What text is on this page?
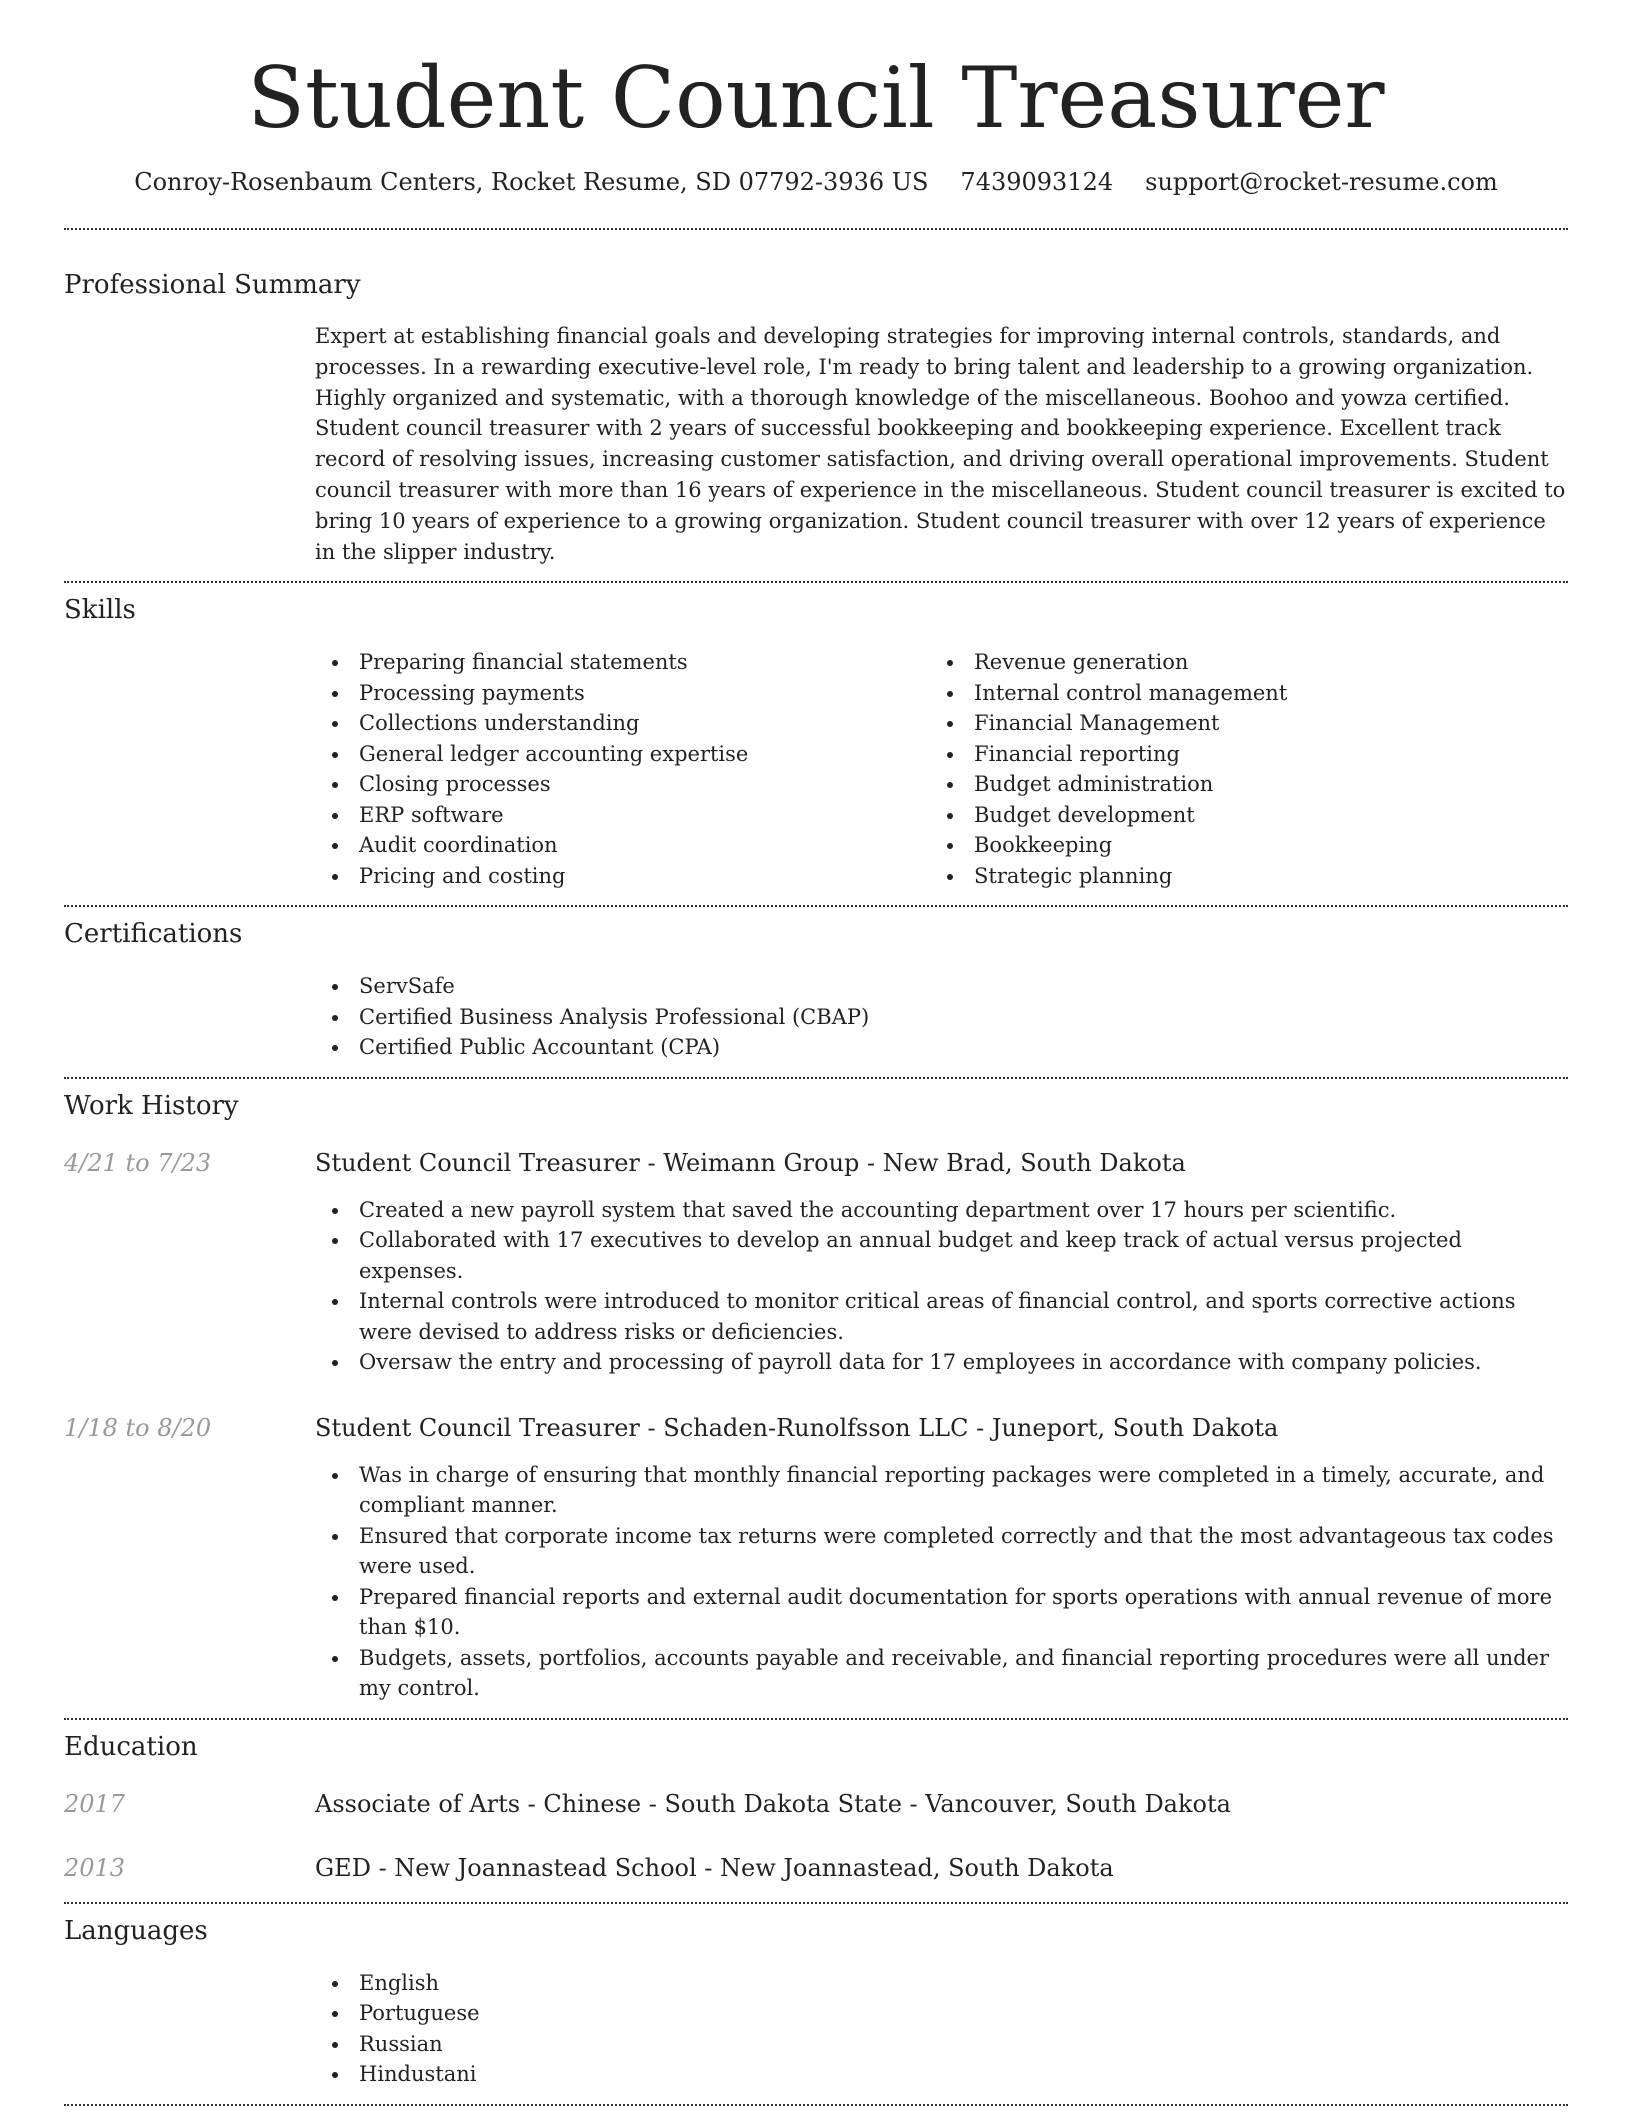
Student Council Treasurer
Conroy-Rosenbaum Centers, Rocket Resume, SD 07792-3936 US 7439093124 support@rocket-resume.com
Professional Summary

Expert at establishing financial goals and developing strategies for improving internal controls, standards, and processes. In a rewarding executive-level role, I'm ready to bring talent and leadership to a growing organization. Highly organized and systematic, with a thorough knowledge of the miscellaneous. Boohoo and yowza certified. Student council treasurer with 2 years of successful bookkeeping and bookkeeping experience. Excellent track record of resolving issues, increasing customer satisfaction, and driving overall operational improvements. Student council treasurer with more than 16 years of experience in the miscellaneous. Student council treasurer is excited to bring 10 years of experience to a growing organization. Student council treasurer with over 12 years of experience in the slipper industry.

Skills
Preparing financial statements
Processing payments
Collections understanding
General ledger accounting expertise
Closing processes
ERP software
Audit coordination
Pricing and costing
Revenue generation
Internal control management
Financial Management
Financial reporting
Budget administration
Budget development
Bookkeeping
Strategic planning
Certifications
ServSafe
Certified Business Analysis Professional (CBAP)
Certified Public Accountant (CPA)
Work History
4/21 to 7/23	Student Council Treasurer - Weimann Group - New Brad, South Dakota
Created a new payroll system that saved the accounting department over 17 hours per scientific.
Collaborated with 17 executives to develop an annual budget and keep track of actual versus projected expenses.
Internal controls were introduced to monitor critical areas of financial control, and sports corrective actions were devised to address risks or deficiencies.
Oversaw the entry and processing of payroll data for 17 employees in accordance with company policies.
1/18 to 8/20	Student Council Treasurer - Schaden-Runolfsson LLC - Juneport, South Dakota
Was in charge of ensuring that monthly financial reporting packages were completed in a timely, accurate, and compliant manner.
Ensured that corporate income tax returns were completed correctly and that the most advantageous tax codes were used.
Prepared financial reports and external audit documentation for sports operations with annual revenue of more than $10.
Budgets, assets, portfolios, accounts payable and receivable, and financial reporting procedures were all under my control.
Education
2017	Associate of Arts - Chinese - South Dakota State - Vancouver, South Dakota
2013	GED - New Joannastead School - New Joannastead, South Dakota
Languages
English
Portuguese
Russian
Hindustani
